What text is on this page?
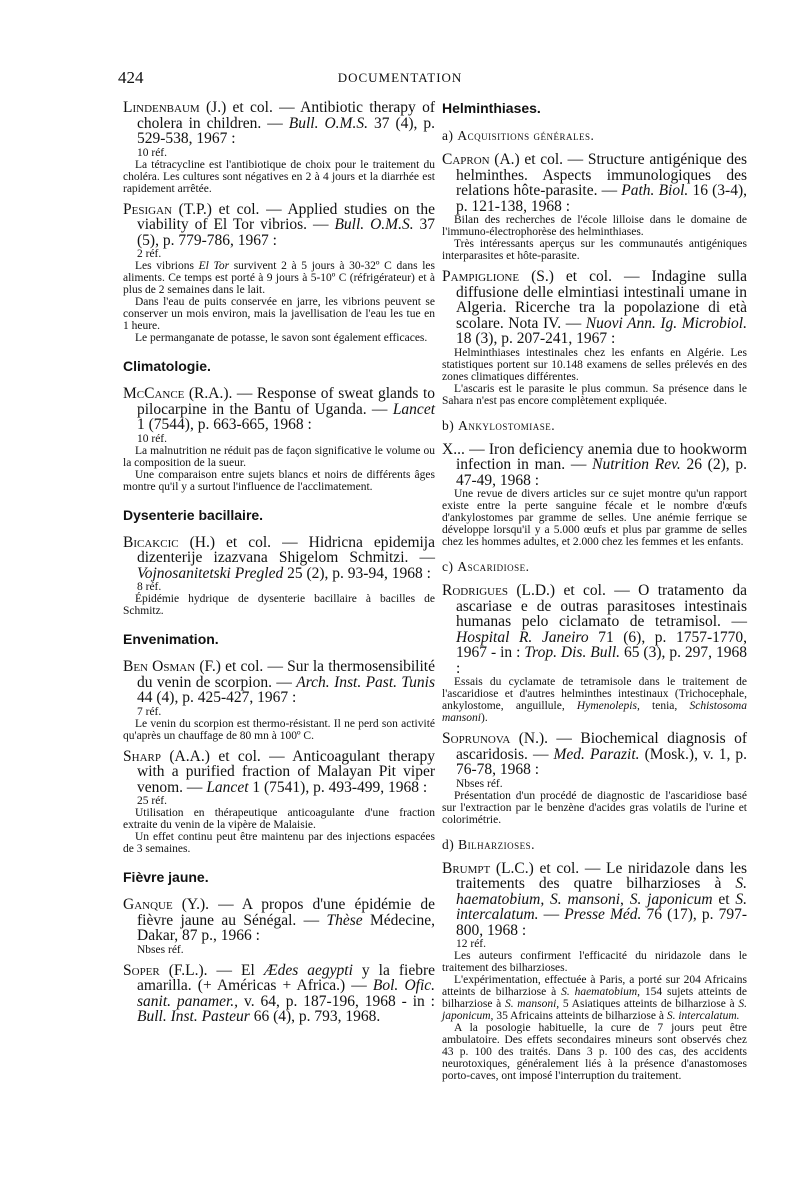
424	DOCUMENTATION
Lindenbaum (J.) et col. — Antibiotic therapy of cholera in children. — Bull. O.M.S. 37 (4), p. 529-538, 1967 :
10 réf.
La tétracycline est l'antibiotique de choix pour le traitement du choléra. Les cultures sont négatives en 2 à 4 jours et la diarrhée est rapidement arrêtée.
Pesigan (T.P.) et col. — Applied studies on the viability of El Tor vibrios. — Bull. O.M.S. 37 (5), p. 779-786, 1967 :
2 réf.
Les vibrions El Tor survivent 2 à 5 jours à 30-32º C dans les aliments. Ce temps est porté à 9 jours à 5-10º C (réfrigérateur) et à plus de 2 semaines dans le lait.
Dans l'eau de puits conservée en jarre, les vibrions peuvent se conserver un mois environ, mais la javellisation de l'eau les tue en 1 heure.
Le permanganate de potasse, le savon sont également efficaces.
Climatologie.
McCance (R.A.). — Response of sweat glands to pilocarpine in the Bantu of Uganda. — Lancet 1 (7544), p. 663-665, 1968 :
10 réf.
La malnutrition ne réduit pas de façon significative le volume ou la composition de la sueur.
Une comparaison entre sujets blancs et noirs de différents âges montre qu'il y a surtout l'influence de l'acclimatement.
Dysenterie bacillaire.
Bicakcic (H.) et col. — Hidricna epidemija dizenterije izazvana Shigelom Schmitzi. — Vojnosanitetski Pregled 25 (2), p. 93-94, 1968 :
8 réf.
Épidémie hydrique de dysenterie bacillaire à bacilles de Schmitz.
Envenimation.
Ben Osman (F.) et col. — Sur la thermosensibilité du venin de scorpion. — Arch. Inst. Past. Tunis 44 (4), p. 425-427, 1967 :
7 réf.
Le venin du scorpion est thermo-résistant. Il ne perd son activité qu'après un chauffage de 80 mn à 100º C.
Sharp (A.A.) et col. — Anticoagulant therapy with a purified fraction of Malayan Pit viper venom. — Lancet 1 (7541), p. 493-499, 1968 :
25 réf.
Utilisation en thérapeutique anticoagulante d'une fraction extraite du venin de la vipère de Malaisie.
Un effet continu peut être maintenu par des injections espacées de 3 semaines.
Fièvre jaune.
Ganque (Y.). — A propos d'une épidémie de fièvre jaune au Sénégal. — Thèse Médecine, Dakar, 87 p., 1966 :
Nbses réf.
Soper (F.L.). — El Ædes aegypti y la fiebre amarilla. (+ Américas + Africa.) — Bol. Ofic. sanit. panamer., v. 64, p. 187-196, 1968 - in : Bull. Inst. Pasteur 66 (4), p. 793, 1968.
Helminthiases.
a) Acquisitions générales.
Capron (A.) et col. — Structure antigénique des helminthes. Aspects immunologiques des relations hôte-parasite. — Path. Biol. 16 (3-4), p. 121-138, 1968 :
Bilan des recherches de l'école lilloise dans le domaine de l'immuno-électrophorèse des helminthiases.
Très intéressants aperçus sur les communautés antigéniques interparasites et hôte-parasite.
Pampiglione (S.) et col. — Indagine sulla diffusione delle elmintiasi intestinali umane in Algeria. Ricerche tra la popolazione di età scolare. Nota IV. — Nuovi Ann. Ig. Microbiol. 18 (3), p. 207-241, 1967 :
Helminthiases intestinales chez les enfants en Algérie. Les statistiques portent sur 10.148 examens de selles prélevés en des zones climatiques différentes.
L'ascaris est le parasite le plus commun. Sa présence dans le Sahara n'est pas encore complètement expliquée.
b) Ankylostomiase.
X... — Iron deficiency anemia due to hookworm infection in man. — Nutrition Rev. 26 (2), p. 47-49, 1968 :
Une revue de divers articles sur ce sujet montre qu'un rapport existe entre la perte sanguine fécale et le nombre d'œufs d'ankylostomes par gramme de selles. Une anémie ferrique se développe lorsqu'il y a 5.000 œufs et plus par gramme de selles chez les hommes adultes, et 2.000 chez les femmes et les enfants.
c) Ascaridiose.
Rodrigues (L.D.) et col. — O tratamento da ascariase e de outras parasitoses intestinais humanas pelo ciclamato de tetramisol. — Hospital R. Janeiro 71 (6), p. 1757-1770, 1967 - in : Trop. Dis. Bull. 65 (3), p. 297, 1968 :
Essais du cyclamate de tetramisole dans le traitement de l'ascaridiose et d'autres helminthes intestinaux (Trichocephale, ankylostome, anguillule, Hymenolepis, tenia, Schistosoma mansoni).
Soprunova (N.). — Biochemical diagnosis of ascaridosis. — Med. Parazit. (Mosk.), v. 1, p. 76-78, 1968 :
Nbses réf.
Présentation d'un procédé de diagnostic de l'ascaridiose basé sur l'extraction par le benzène d'acides gras volatils de l'urine et colorimétrie.
d) Bilharzioses.
Brumpt (L.C.) et col. — Le niridazole dans les traitements des quatre bilharzioses à S. haematobium, S. mansoni, S. japonicum et S. intercalatum. — Presse Méd. 76 (17), p. 797-800, 1968 :
12 réf.
Les auteurs confirment l'efficacité du niridazole dans le traitement des bilharzioses.
L'expérimentation, effectuée à Paris, a porté sur 204 Africains atteints de bilharziose à S. haematobium, 154 sujets atteints de bilharziose à S. mansoni, 5 Asiatiques atteints de bilharziose à S. japonicum, 35 Africains atteints de bilharziose à S. intercalatum.
A la posologie habituelle, la cure de 7 jours peut être ambulatoire. Des effets secondaires mineurs sont observés chez 43 p. 100 des traités. Dans 3 p. 100 des cas, des accidents neurotoxiques, généralement liés à la présence d'anastomoses porto-caves, ont imposé l'interruption du traitement.
